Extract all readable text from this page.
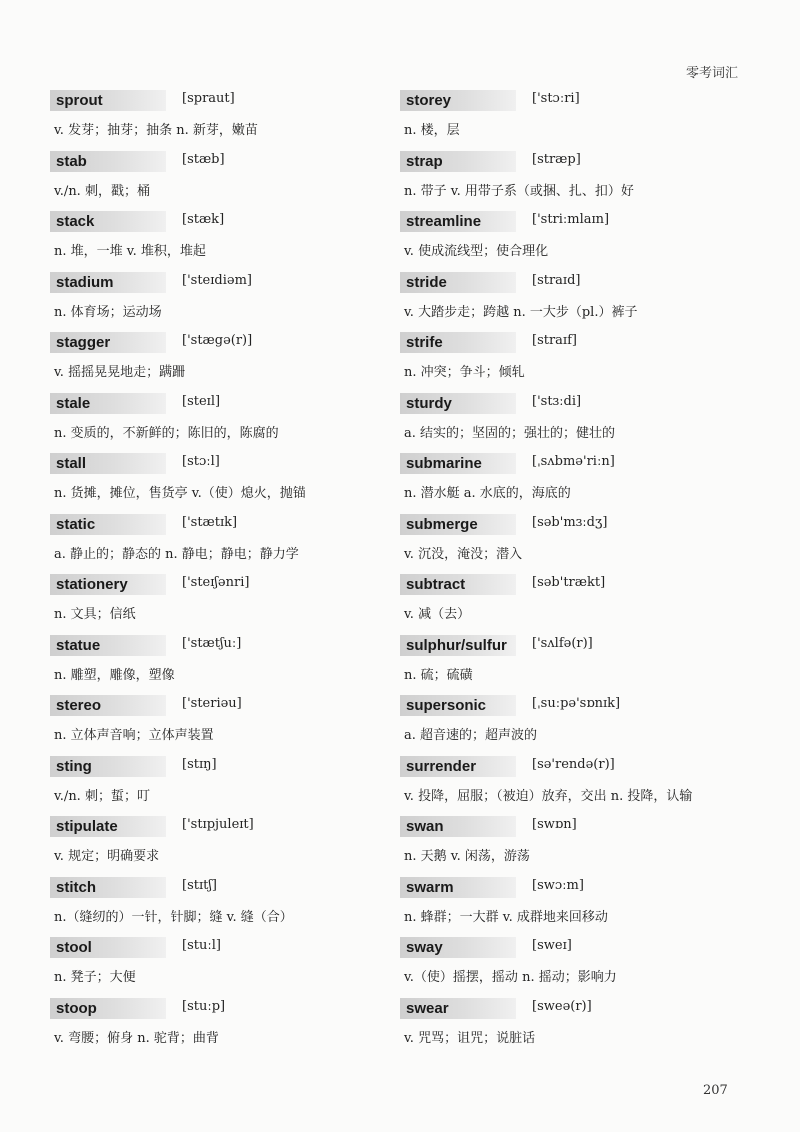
零考词汇
sprout	[spraut]
v. 发芽；抽芽；抽条 n. 新芽，嫩苗
stab	[stæb]
v./n. 刺，戳；桶
stack	[stæk]
n. 堆，一堆 v. 堆积，堆起
stadium	['steɪdiəm]
n. 体育场；运动场
stagger	['stægə(r)]
v. 摇摇晃晃地走；蹒跚
stale	[steɪl]
n. 变质的，不新鲜的；陈旧的，陈腐的
stall	[stɔːl]
n. 货摊，摊位，售货亭 v.（使）熄火，抛锚
static	['stætɪk]
a. 静止的；静态的 n. 静电；静电；静力学
stationery	['steɪʃənri]
n. 文具；信纸
statue	['stætʃuː]
n. 雕塑，雕像，塑像
stereo	['steriəu]
n. 立体声音响；立体声装置
sting	[stɪŋ]
v./n. 刺；蜇；叮
stipulate	['stɪpjuleɪt]
v. 规定；明确要求
stitch	[stɪtʃ]
n.（缝纫的）一针，针脚；缝 v. 缝（合）
stool	[stuːl]
n. 凳子；大便
stoop	[stuːp]
v. 弯腰；俯身 n. 驼背；曲背
storey	['stɔːri]
n. 楼，层
strap	[stræp]
n. 带子 v. 用带子系（或捆、扎、扣）好
streamline	['striːmlaɪn]
v. 使成流线型；使合理化
stride	[straɪd]
v. 大踏步走；跨越 n. 一大步（pl.）裤子
strife	[straɪf]
n. 冲突；争斗；倾轧
sturdy	['stɜːdi]
a. 结实的；坚固的；强壮的；健壮的
submarine	[ˌsʌbmə'riːn]
n. 潜水艇 a. 水底的，海底的
submerge	[səb'mɜːdʒ]
v. 沉没，淹没；潜入
subtract	[səb'trækt]
v. 减（去）
sulphur/sulfur	['sʌlfə(r)]
n. 硫；硫磺
supersonic	[ˌsuːpə'sɒnɪk]
a. 超音速的；超声波的
surrender	[sə'rendə(r)]
v. 投降，屈服；（被迫）放弃，交出 n. 投降，认输
swan	[swɒn]
n. 天鹅 v. 闲荡，游荡
swarm	[swɔːm]
n. 蜂群；一大群 v. 成群地来回移动
sway	[sweɪ]
v.（使）摇摆，摇动 n. 摇动；影响力
swear	[sweə(r)]
v. 咒骂；诅咒；说脏话
207
